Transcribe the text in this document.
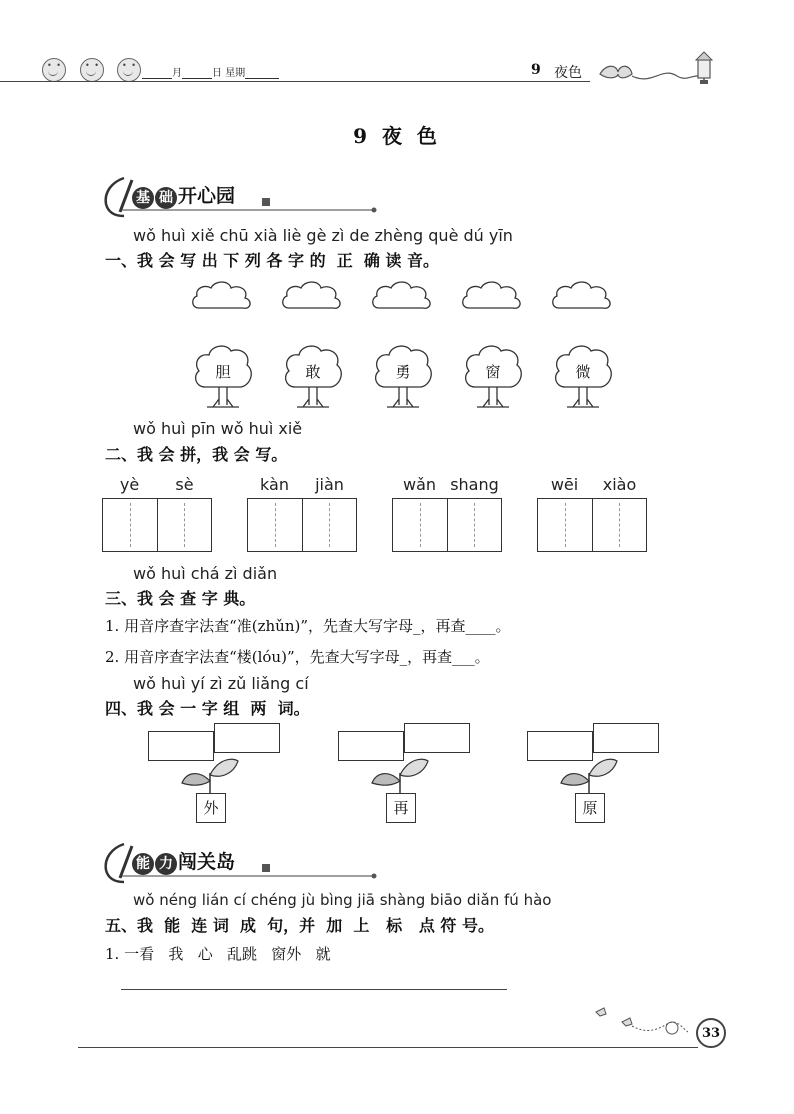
• •
• •
• •
月	日 星期	9 夜色
9 夜 色
基 础 开心园
wǒ huì xiě chū xià liè gè zì de zhèng què dú yīn
一、我 会 写 出 下 列 各 字 的  正  确 读 音。
胆	敢	勇	窗	微
wǒ huì pīn wǒ huì xiě
二、我 会 拼，我 会 写。
yè	sè	kàn	jiàn	wǎn shang	wēi	xiào
wǒ huì chá zì diǎn
三、我 会 查 字 典。
1. 用音序查字法查“准(zhǔn)”，先查大写字母_，再查____。
2. 用音序查字法查“楼(lóu)”，先查大写字母_，再查___。
wǒ huì yí zì zǔ liǎng cí
四、我 会 一 字 组  两  词。
外	再	原
能 力 闯关岛
wǒ néng lián cí chéng jù bìng jiā shàng biāo diǎn fú hào
五、我  能  连 词  成  句，并  加  上   标   点 符 号。
1. 一看   我   心   乱跳   窗外   就
33
